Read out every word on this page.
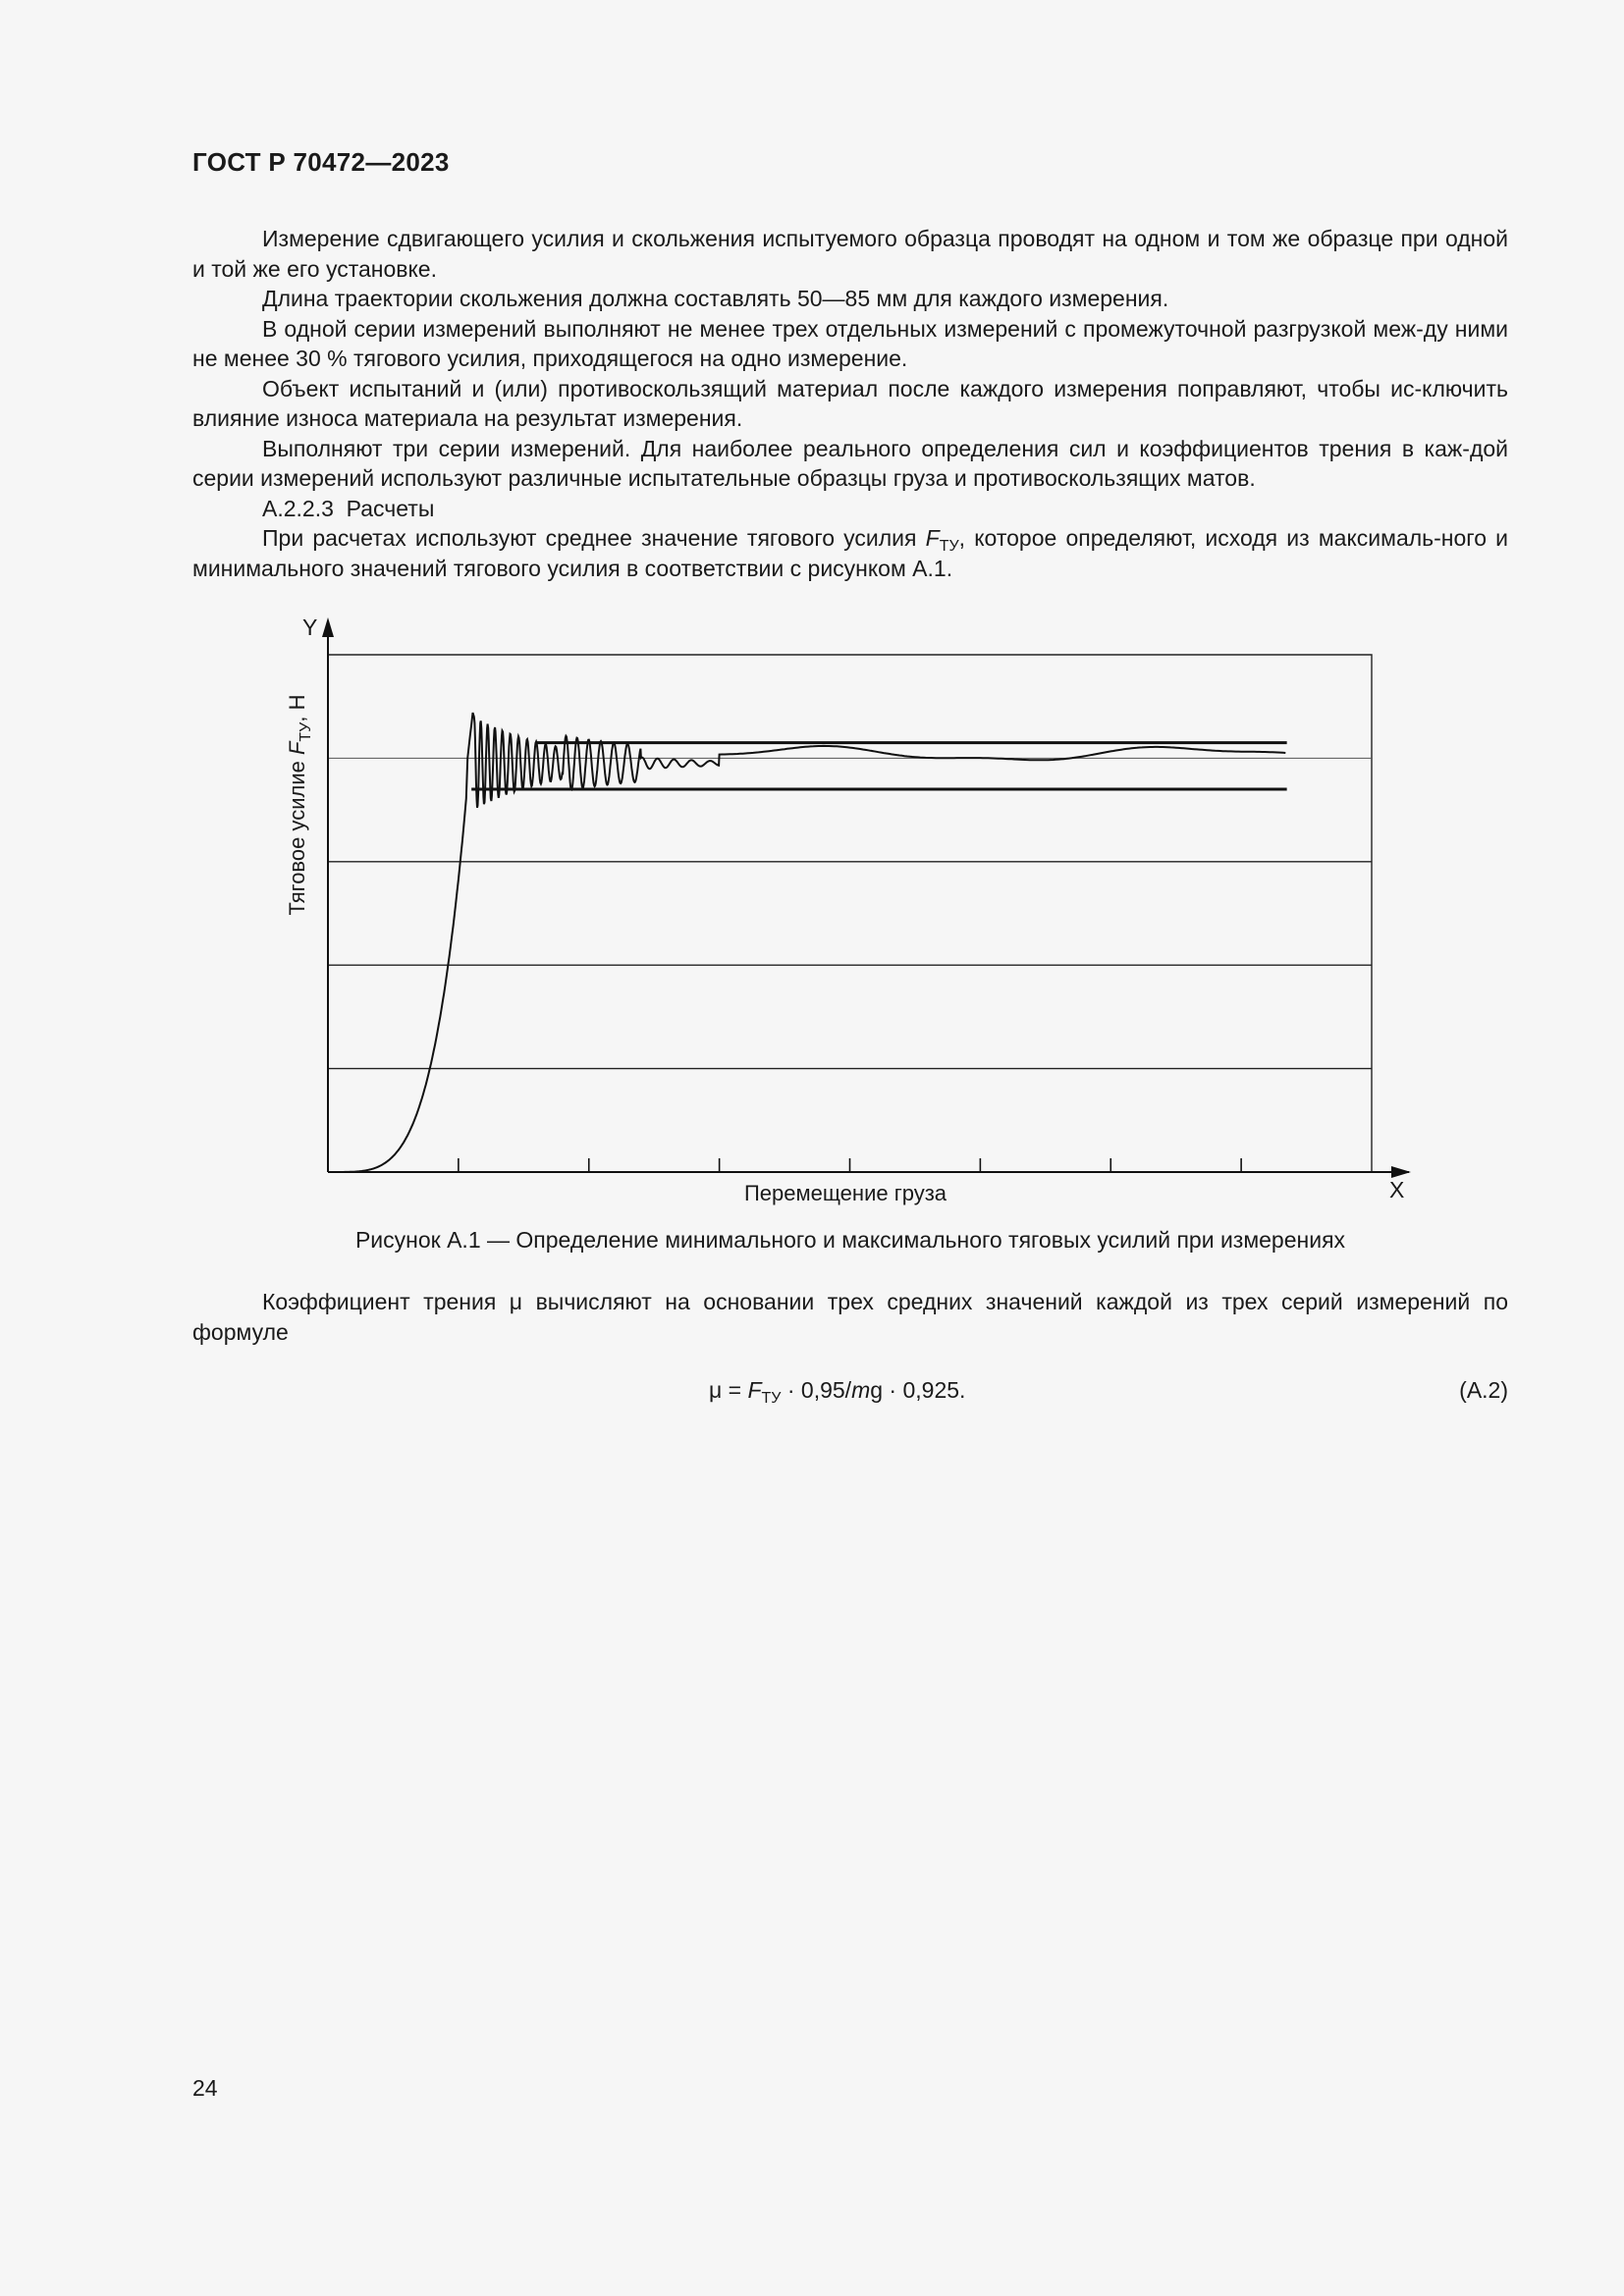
ГОСТ Р 70472—2023

Измерение сдвигающего усилия и скольжения испытуемого образца проводят на одном и том же образце при одной и той же его установке.

Длина траектории скольжения должна составлять 50—85 мм для каждого измерения.

В одной серии измерений выполняют не менее трех отдельных измерений с промежуточной разгрузкой меж-ду ними не менее 30 % тягового усилия, приходящегося на одно измерение.

Объект испытаний и (или) противоскользящий материал после каждого измерения поправляют, чтобы ис-ключить влияние износа материала на результат измерения.

Выполняют три серии измерений. Для наиболее реального определения сил и коэффициентов трения в каж-дой серии измерений используют различные испытательные образцы груза и противоскользящих матов.

А.2.2.3 Расчеты

При расчетах используют среднее значение тягового усилия $F_{ТУ}$, которое определяют, исходя из максималь-ного и минимального значений тягового усилия в соответствии с рисунком А.1.

Y
X
Перемещение груза
Тяговое усилие $F_{ТУ}$, Н
Рисунок А.1 — Определение минимального и максимального тяговых усилий при измерениях

Коэффициент трения μ вычисляют на основании трех средних значений каждой из трех серий измерений по формуле

$\mu = F_{ТУ} \cdot 0,95/mg \cdot 0,925$.	(А.2)
24
